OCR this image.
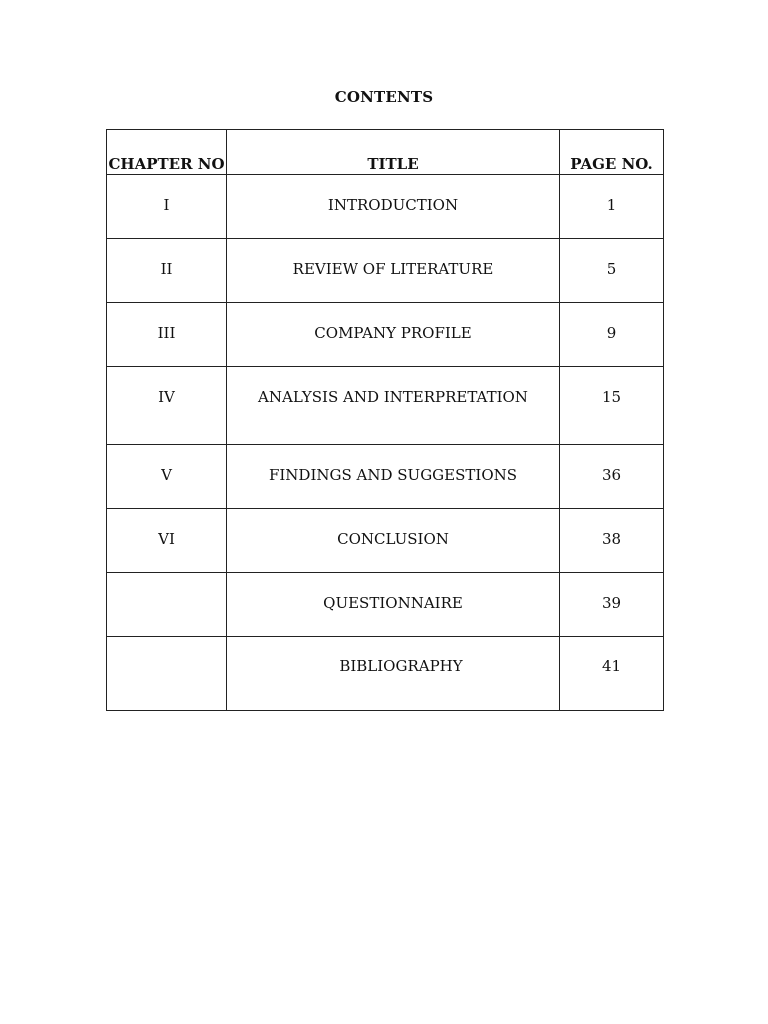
CONTENTS
CHAPTER NO	TITLE	PAGE NO.
I	INTRODUCTION	1
II	REVIEW OF LITERATURE	5
III	COMPANY PROFILE	9
IV	ANALYSIS AND INTERPRETATION	15
V	FINDINGS AND SUGGESTIONS	36
VI	CONCLUSION	38
	QUESTIONNAIRE	39
	BIBLIOGRAPHY	41
